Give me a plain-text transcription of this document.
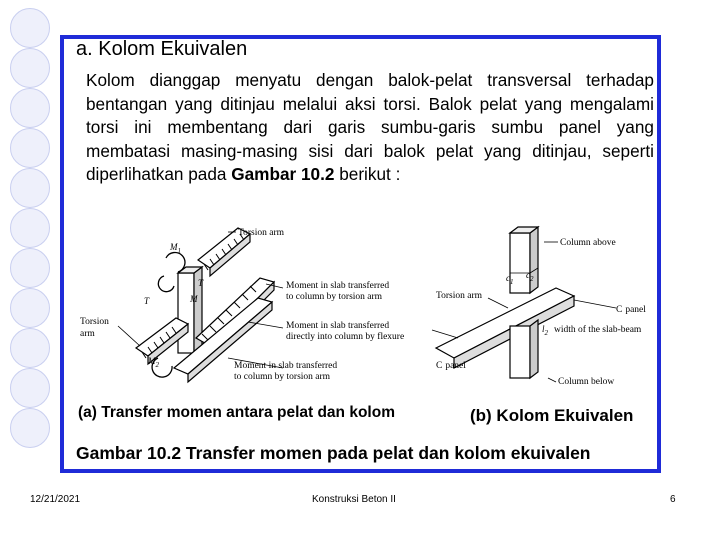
a. Kolom Ekuivalen

Kolom dianggap menyatu dengan balok-pelat transversal terhadap bentangan yang ditinjau melalui aksi torsi. Balok pelat yang mengalami torsi ini membentang dari garis sumbu-garis sumbu panel yang membatasi masing-masing sisi dari balok pelat yang ditinjau, seperti diperlihatkan pada Gambar 10.2 berikut :

Torsion arm
$M_1$
T
T	M
$M_2$
Torsion
arm
Moment in slab transferred
to column by torsion arm
Moment in slab transferred
directly into column by flexure
Moment in slab transferred
to column by torsion arm
Column above
$c_1$
$c_2$
Torsion arm
C panel
$l_2$ width of the slab-beam
C panel
Column below
(a) Transfer momen antara pelat dan kolom	(b) Kolom Ekuivalen
Gambar 10.2 Transfer momen pada pelat dan kolom ekuivalen
12/21/2021	Konstruksi Beton II	6
